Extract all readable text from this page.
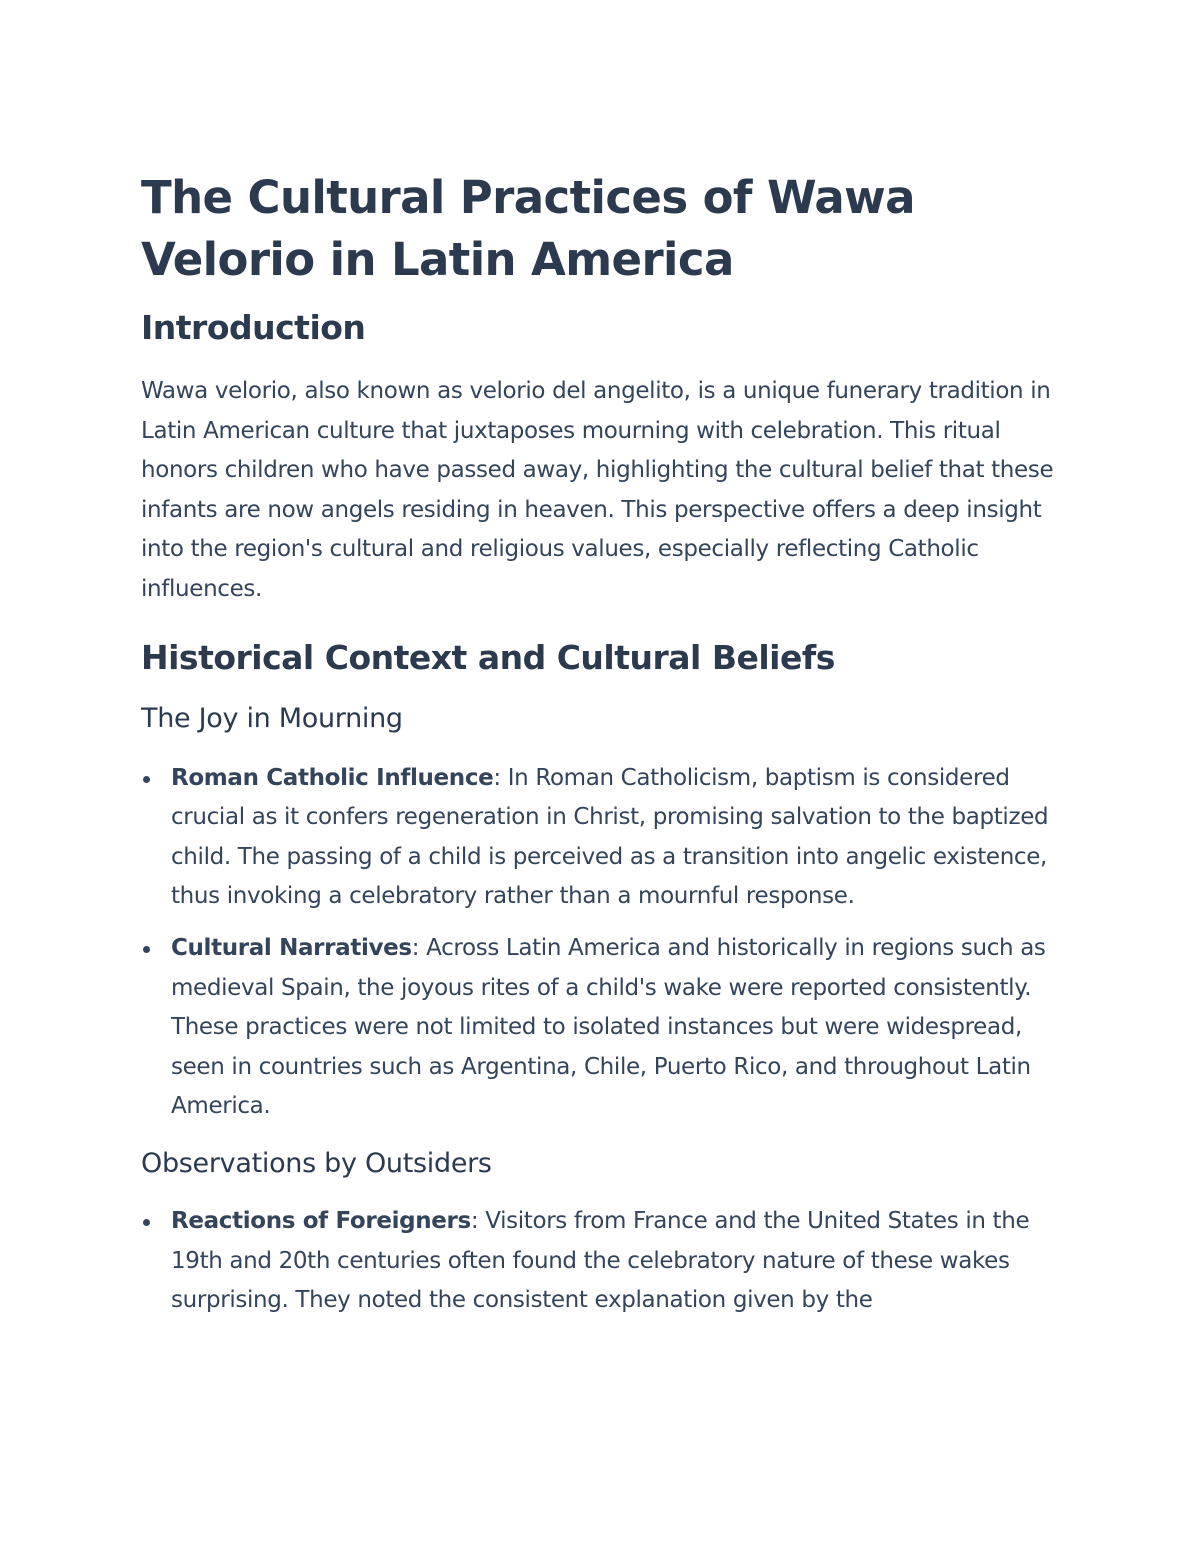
The Cultural Practices of Wawa Velorio in Latin America
Introduction

Wawa velorio, also known as velorio del angelito, is a unique funerary tradition in Latin American culture that juxtaposes mourning with celebration. This ritual honors children who have passed away, highlighting the cultural belief that these infants are now angels residing in heaven. This perspective offers a deep insight into the region's cultural and religious values, especially reflecting Catholic influences.

Historical Context and Cultural Beliefs
The Joy in Mourning
Roman Catholic Influence: In Roman Catholicism, baptism is considered crucial as it confers regeneration in Christ, promising salvation to the baptized child. The passing of a child is perceived as a transition into angelic existence, thus invoking a celebratory rather than a mournful response.
Cultural Narratives: Across Latin America and historically in regions such as medieval Spain, the joyous rites of a child's wake were reported consistently. These practices were not limited to isolated instances but were widespread, seen in countries such as Argentina, Chile, Puerto Rico, and throughout Latin America.
Observations by Outsiders
Reactions of Foreigners: Visitors from France and the United States in the 19th and 20th centuries often found the celebratory nature of these wakes surprising. They noted the consistent explanation given by the
